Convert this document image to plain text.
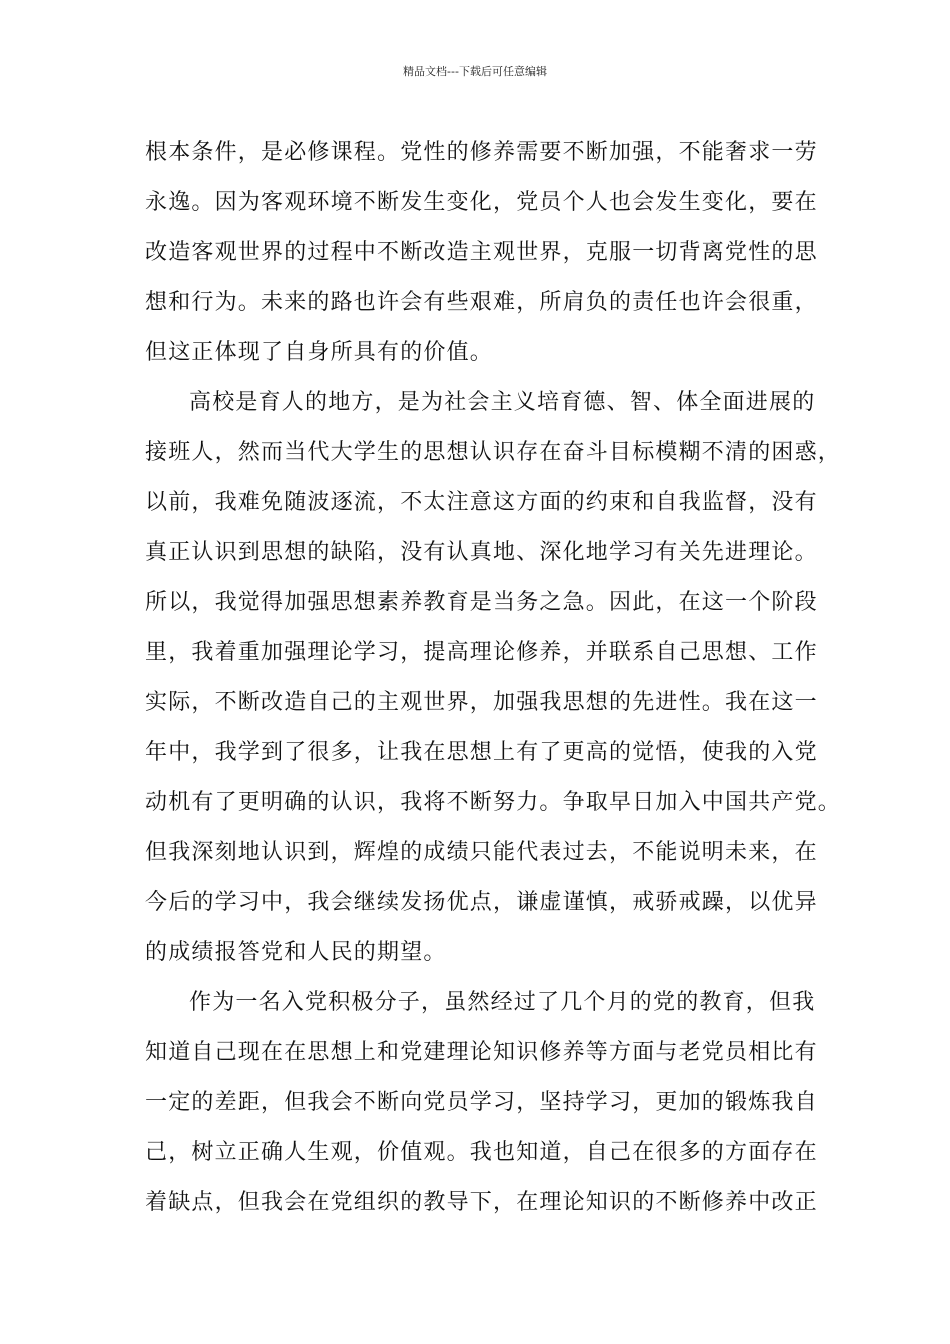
精品文档---下载后可任意编辑
根本条件，是必修课程。党性的修养需要不断加强，不能奢求一劳
永逸。因为客观环境不断发生变化，党员个人也会发生变化，要在
改造客观世界的过程中不断改造主观世界，克服一切背离党性的思
想和行为。未来的路也许会有些艰难，所肩负的责任也许会很重，
但这正体现了自身所具有的价值。
高校是育人的地方，是为社会主义培育德、智、体全面进展的
接班人，然而当代大学生的思想认识存在奋斗目标模糊不清的困惑，
以前，我难免随波逐流，不太注意这方面的约束和自我监督，没有
真正认识到思想的缺陷，没有认真地、深化地学习有关先进理论。
所以，我觉得加强思想素养教育是当务之急。因此，在这一个阶段
里，我着重加强理论学习，提高理论修养，并联系自己思想、工作
实际，不断改造自己的主观世界，加强我思想的先进性。我在这一
年中，我学到了很多，让我在思想上有了更高的觉悟，使我的入党
动机有了更明确的认识，我将不断努力。争取早日加入中国共产党。
但我深刻地认识到，辉煌的成绩只能代表过去，不能说明未来，在
今后的学习中，我会继续发扬优点，谦虚谨慎，戒骄戒躁，以优异
的成绩报答党和人民的期望。
作为一名入党积极分子，虽然经过了几个月的党的教育，但我
知道自己现在在思想上和党建理论知识修养等方面与老党员相比有
一定的差距，但我会不断向党员学习，坚持学习，更加的锻炼我自
己，树立正确人生观，价值观。我也知道，自己在很多的方面存在
着缺点，但我会在党组织的教导下，在理论知识的不断修养中改正
